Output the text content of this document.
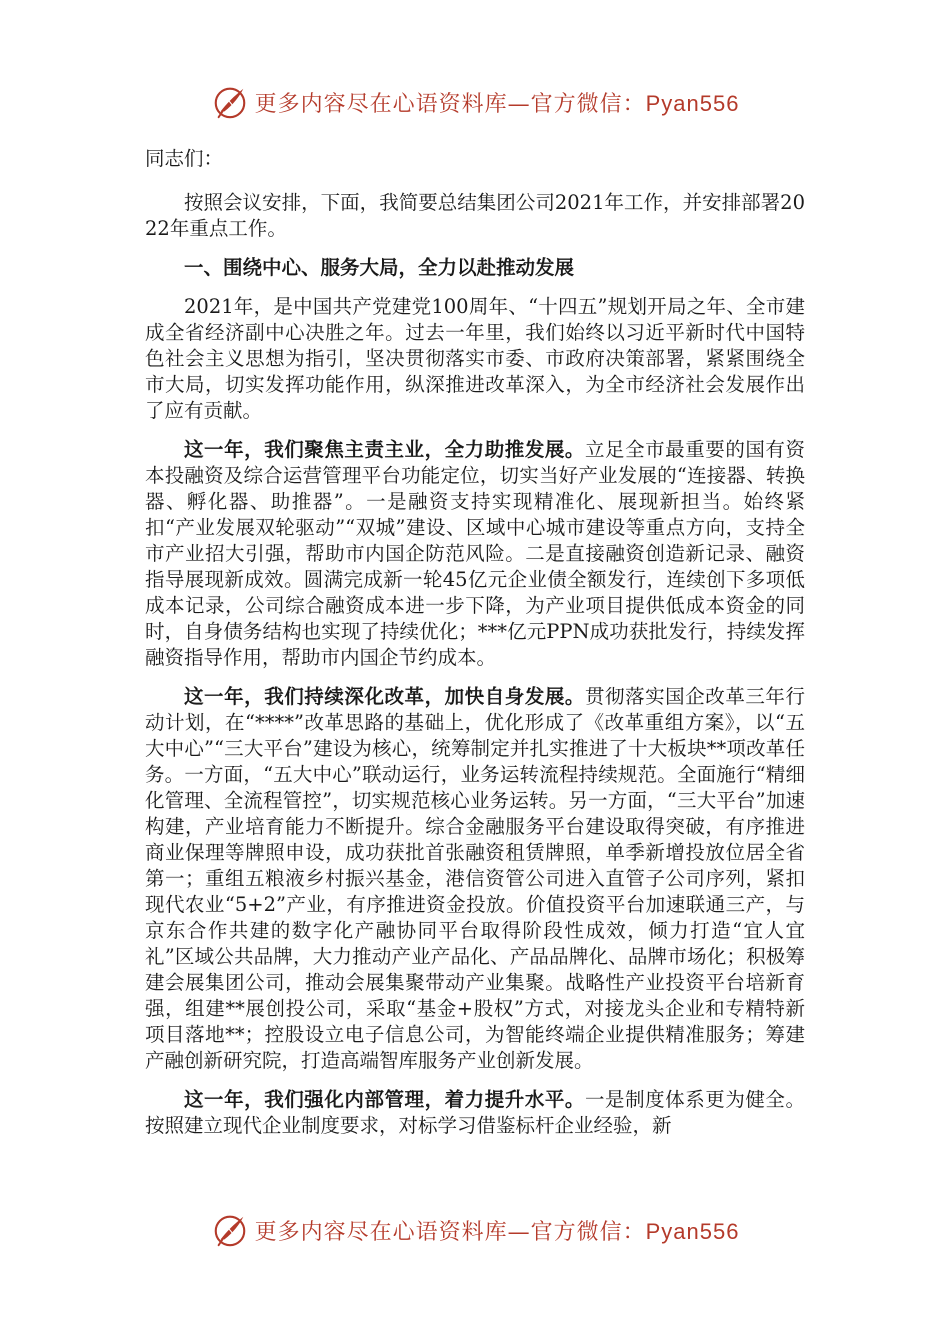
更多内容尽在心语资料库—官方微信：Pyan556

同志们：

按照会议安排，下面，我简要总结集团公司2021年工作，并安排部署2022年重点工作。

一、围绕中心、服务大局，全力以赴推动发展

2021年，是中国共产党建党100周年、“十四五”规划开局之年、全市建成全省经济副中心决胜之年。过去一年里，我们始终以习近平新时代中国特色社会主义思想为指引，坚决贯彻落实市委、市政府决策部署，紧紧围绕全市大局，切实发挥功能作用，纵深推进改革深入，为全市经济社会发展作出了应有贡献。

这一年，我们聚焦主责主业，全力助推发展。立足全市最重要的国有资本投融资及综合运营管理平台功能定位，切实当好产业发展的“连接器、转换器、孵化器、助推器”。一是融资支持实现精准化、展现新担当。始终紧扣“产业发展双轮驱动”“双城”建设、区域中心城市建设等重点方向，支持全市产业招大引强，帮助市内国企防范风险。二是直接融资创造新记录、融资指导展现新成效。圆满完成新一轮45亿元企业债全额发行，连续创下多项低成本记录，公司综合融资成本进一步下降，为产业项目提供低成本资金的同时，自身债务结构也实现了持续优化；***亿元PPN成功获批发行，持续发挥融资指导作用，帮助市内国企节约成本。

这一年，我们持续深化改革，加快自身发展。贯彻落实国企改革三年行动计划，在“****”改革思路的基础上，优化形成了《改革重组方案》，以“五大中心”“三大平台”建设为核心，统筹制定并扎实推进了十大板块**项改革任务。一方面，“五大中心”联动运行，业务运转流程持续规范。全面施行“精细化管理、全流程管控”，切实规范核心业务运转。另一方面，“三大平台”加速构建，产业培育能力不断提升。综合金融服务平台建设取得突破，有序推进商业保理等牌照申设，成功获批首张融资租赁牌照，单季新增投放位居全省第一；重组五粮液乡村振兴基金，港信资管公司进入直管子公司序列，紧扣现代农业“5+2”产业，有序推进资金投放。价值投资平台加速联通三产，与京东合作共建的数字化产融协同平台取得阶段性成效，倾力打造“宜人宜礼”区域公共品牌，大力推动产业产品化、产品品牌化、品牌市场化；积极筹建会展集团公司，推动会展集聚带动产业集聚。战略性产业投资平台培新育强，组建**展创投公司，采取“基金+股权”方式，对接龙头企业和专精特新项目落地**；控股设立电子信息公司，为智能终端企业提供精准服务；筹建产融创新研究院，打造高端智库服务产业创新发展。

这一年，我们强化内部管理，着力提升水平。一是制度体系更为健全。按照建立现代企业制度要求，对标学习借鉴标杆企业经验，新

更多内容尽在心语资料库—官方微信：Pyan556
